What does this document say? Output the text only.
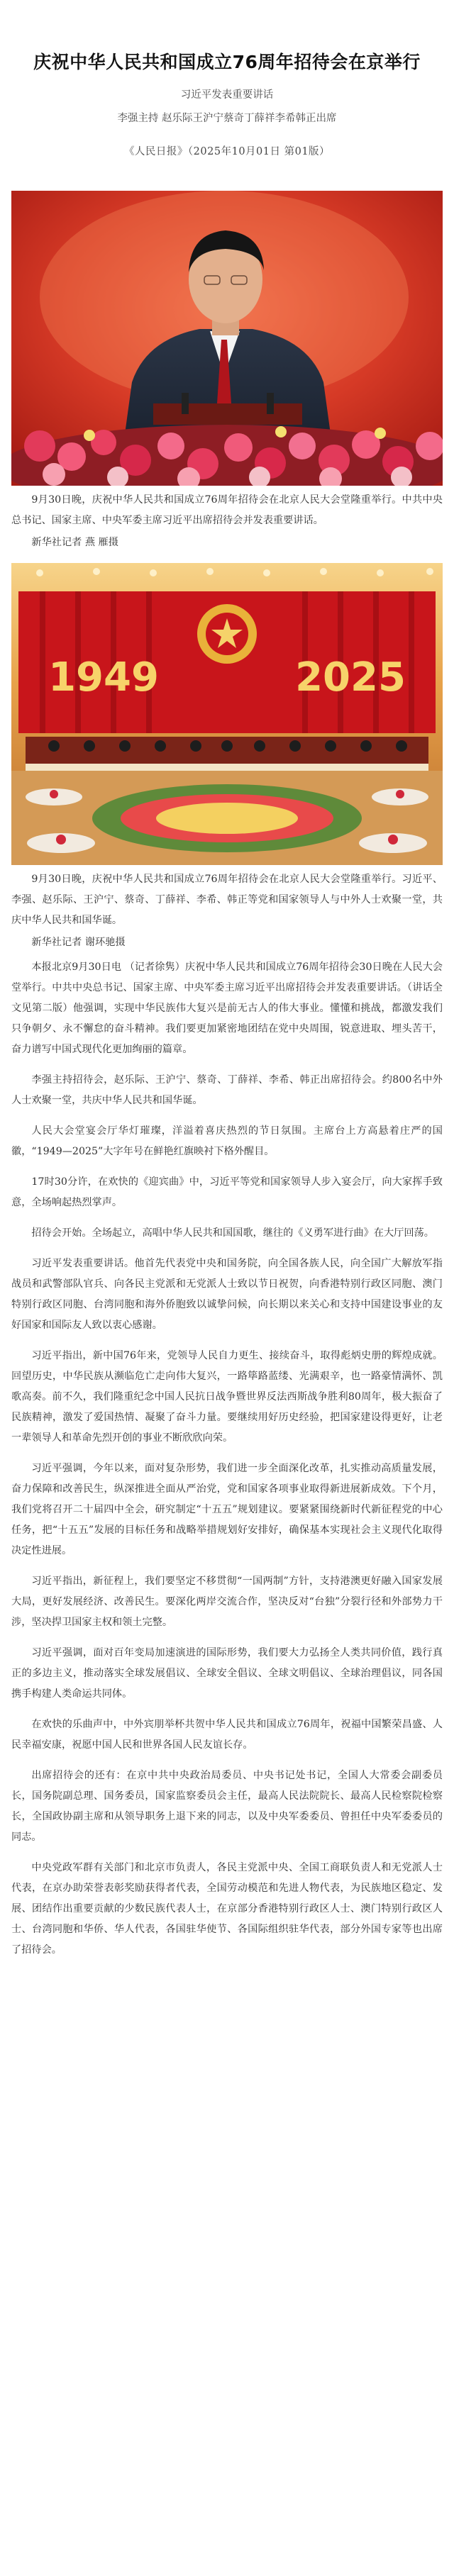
庆祝中华人民共和国成立76周年招待会在京举行
习近平发表重要讲话
李强主持 赵乐际王沪宁蔡奇丁薛祥李希韩正出席
《人民日报》（2025年10月01日 第01版）

9月30日晚，庆祝中华人民共和国成立76周年招待会在北京人民大会堂隆重举行。中共中央总书记、国家主席、中央军委主席习近平出席招待会并发表重要讲话。

新华社记者 燕 雁摄

1949	2025

9月30日晚，庆祝中华人民共和国成立76周年招待会在北京人民大会堂隆重举行。习近平、李强、赵乐际、王沪宁、蔡奇、丁薛祥、李希、韩正等党和国家领导人与中外人士欢聚一堂，共庆中华人民共和国华诞。

新华社记者 谢环驰摄

本报北京9月30日电 （记者徐隽）庆祝中华人民共和国成立76周年招待会30日晚在人民大会堂举行。中共中央总书记、国家主席、中央军委主席习近平出席招待会并发表重要讲话。（讲话全文见第二版）他强调，实现中华民族伟大复兴是前无古人的伟大事业。懂懂和挑战，都激发我们只争朝夕、永不懈怠的奋斗精神。我们要更加紧密地团结在党中央周围，锐意进取、埋头苦干，奋力谱写中国式现代化更加绚丽的篇章。

李强主持招待会，赵乐际、王沪宁、蔡奇、丁薛祥、李希、韩正出席招待会。约800名中外人士欢聚一堂，共庆中华人民共和国华诞。

人民大会堂宴会厅华灯璀璨，洋溢着喜庆热烈的节日氛围。主席台上方高悬着庄严的国徽，“1949—2025”大字年号在鲜艳红旗映衬下格外醒目。

17时30分许，在欢快的《迎宾曲》中，习近平等党和国家领导人步入宴会厅，向大家挥手致意，全场响起热烈掌声。

招待会开始。全场起立，高唱中华人民共和国国歌，继往的《义勇军进行曲》在大厅回荡。

习近平发表重要讲话。他首先代表党中央和国务院，向全国各族人民，向全国广大解放军指战员和武警部队官兵、向各民主党派和无党派人士致以节日祝贺，向香港特别行政区同胞、澳门特别行政区同胞、台湾同胞和海外侨胞致以诚挚问候，向长期以来关心和支持中国建设事业的友好国家和国际友人致以衷心感谢。

习近平指出，新中国76年来，党领导人民自力更生、接续奋斗，取得彪炳史册的辉煌成就。回望历史，中华民族从濒临危亡走向伟大复兴，一路筚路蓝缕、光满艰辛，也一路豪情满怀、凯歌高奏。前不久，我们隆重纪念中国人民抗日战争暨世界反法西斯战争胜利80周年，极大振奋了民族精神，激发了爱国热情、凝聚了奋斗力量。要继续用好历史经验，把国家建设得更好，让老一辈领导人和革命先烈开创的事业不断欣欣向荣。

习近平强调，今年以来，面对复杂形势，我们进一步全面深化改革，扎实推动高质量发展，奋力保障和改善民生，纵深推进全面从严治党，党和国家各项事业取得新进展新成效。下个月，我们党将召开二十届四中全会，研究制定“十五五”规划建议。要紧紧围绕新时代新征程党的中心任务，把“十五五”发展的目标任务和战略举措规划好安排好，确保基本实现社会主义现代化取得决定性进展。

习近平指出，新征程上，我们要坚定不移贯彻“一国两制”方针，支持港澳更好融入国家发展大局，更好发展经济、改善民生。要深化两岸交流合作，坚决反对“台独”分裂行径和外部势力干涉，坚决捍卫国家主权和领土完整。

习近平强调，面对百年变局加速演进的国际形势，我们要大力弘扬全人类共同价值，践行真正的多边主义，推动落实全球发展倡议、全球安全倡议、全球文明倡议、全球治理倡议，同各国携手构建人类命运共同体。

在欢快的乐曲声中，中外宾朋举杯共贺中华人民共和国成立76周年，祝福中国繁荣昌盛、人民幸福安康，祝愿中国人民和世界各国人民友谊长存。

出席招待会的还有：在京中共中央政治局委员、中央书记处书记，全国人大常委会副委员长，国务院副总理、国务委员，国家监察委员会主任，最高人民法院院长、最高人民检察院检察长，全国政协副主席和从领导职务上退下来的同志，以及中央军委委员、曾担任中央军委委员的同志。

中央党政军群有关部门和北京市负责人，各民主党派中央、全国工商联负责人和无党派人士代表，在京办助荣誉表彰奖励获得者代表，全国劳动模范和先进人物代表，为民族地区稳定、发展、团结作出重要贡献的少数民族代表人士，在京部分香港特别行政区人士、澳门特别行政区人士、台湾同胞和华侨、华人代表，各国驻华使节、各国际组织驻华代表，部分外国专家等也出席了招待会。
